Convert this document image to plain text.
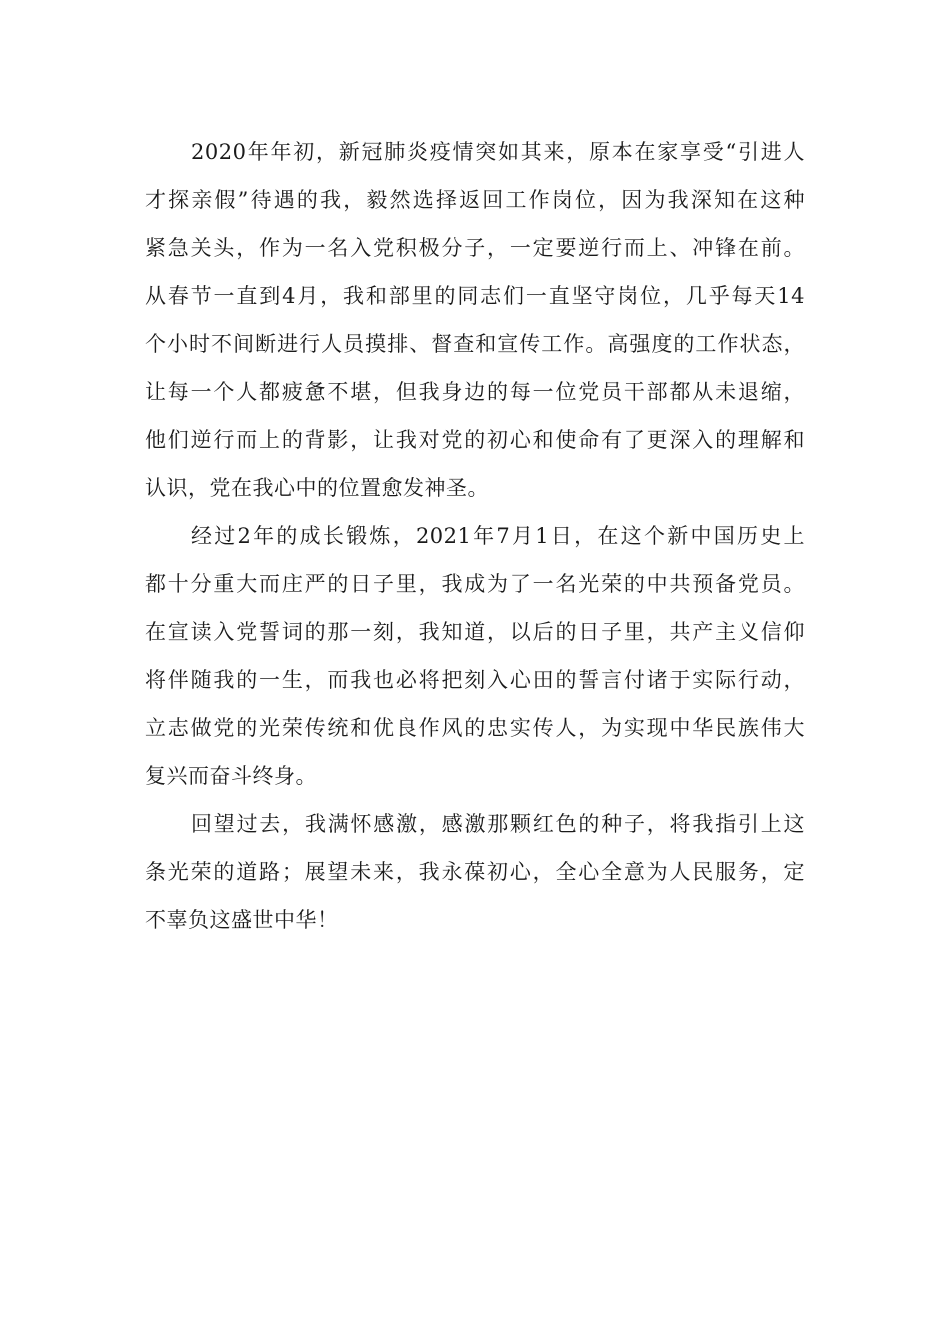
2020年年初，新冠肺炎疫情突如其来，原本在家享受“引进人
才探亲假”待遇的我，毅然选择返回工作岗位，因为我深知在这种
紧急关头，作为一名入党积极分子，一定要逆行而上、冲锋在前。
从春节一直到4月，我和部里的同志们一直坚守岗位，几乎每天14
个小时不间断进行人员摸排、督查和宣传工作。高强度的工作状态，
让每一个人都疲惫不堪，但我身边的每一位党员干部都从未退缩，
他们逆行而上的背影，让我对党的初心和使命有了更深入的理解和
认识，党在我心中的位置愈发神圣。
经过2年的成长锻炼，2021年7月1日，在这个新中国历史上
都十分重大而庄严的日子里，我成为了一名光荣的中共预备党员。
在宣读入党誓词的那一刻，我知道，以后的日子里，共产主义信仰
将伴随我的一生，而我也必将把刻入心田的誓言付诸于实际行动，
立志做党的光荣传统和优良作风的忠实传人，为实现中华民族伟大
复兴而奋斗终身。
回望过去，我满怀感激，感激那颗红色的种子，将我指引上这
条光荣的道路；展望未来，我永葆初心，全心全意为人民服务，定
不辜负这盛世中华！
